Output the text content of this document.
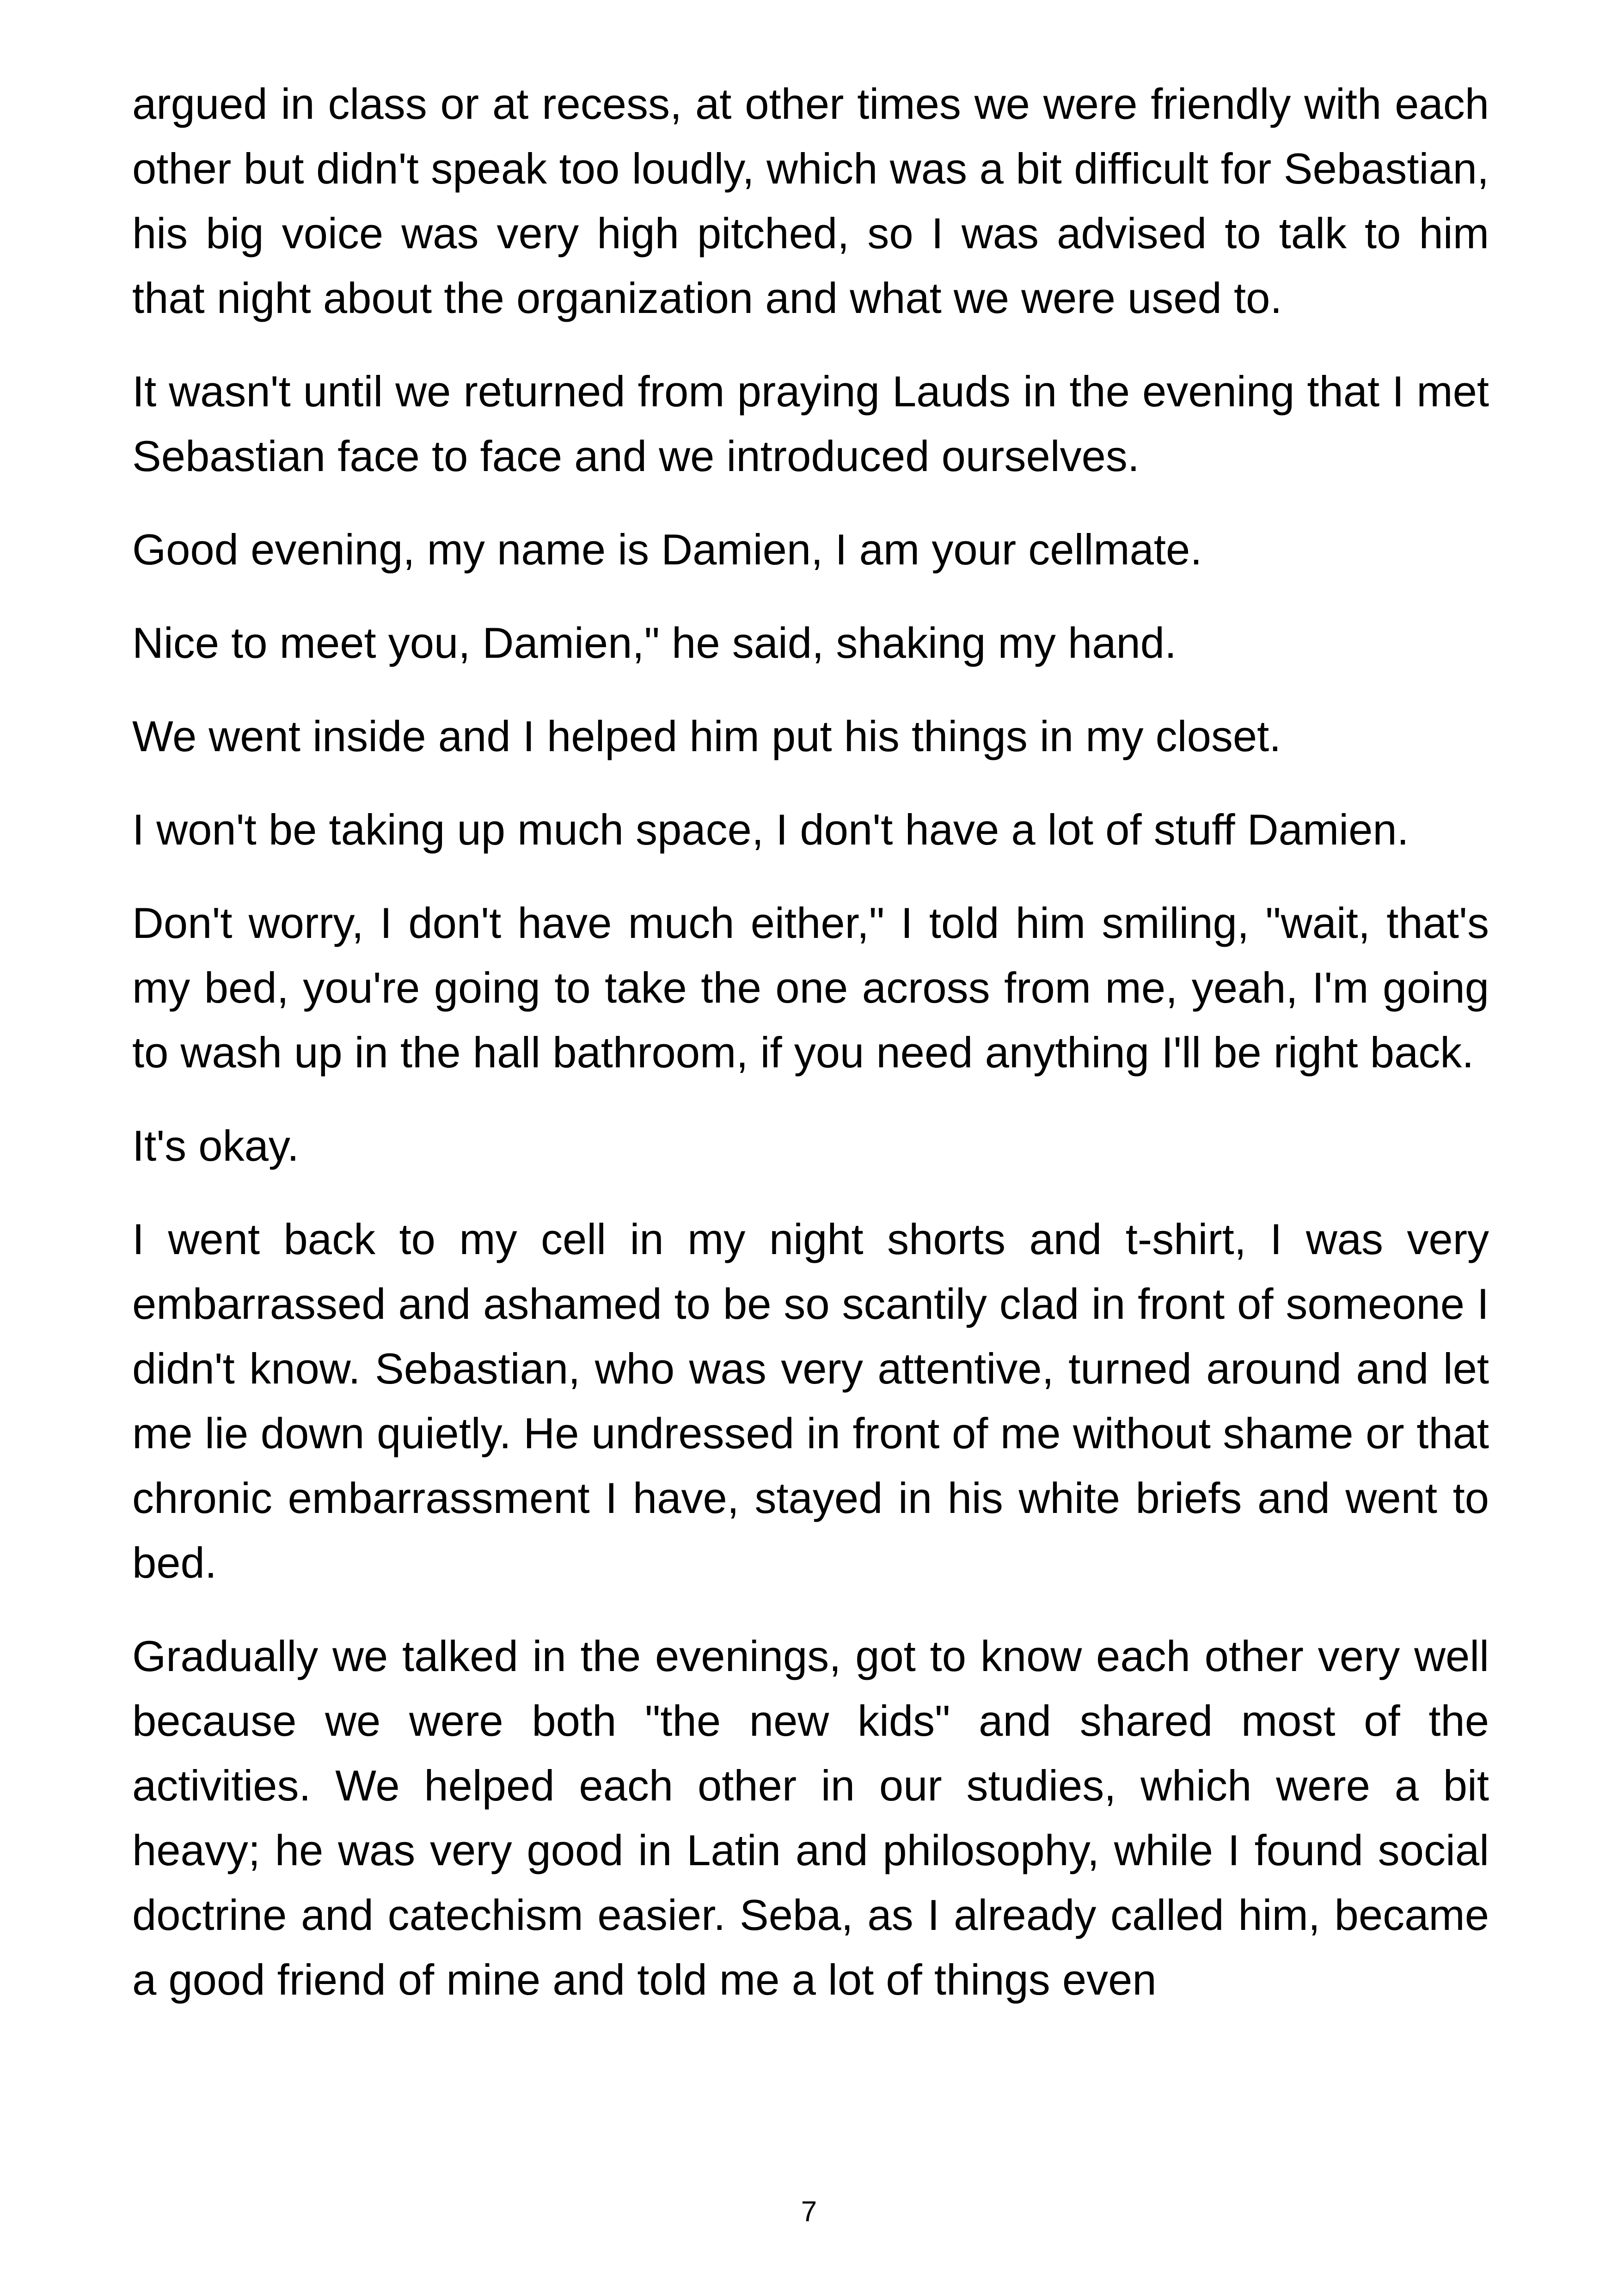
argued in class or at recess, at other times we were friendly with each other but didn't speak too loudly, which was a bit difficult for Sebastian, his big voice was very high pitched, so I was advised to talk to him that night about the organization and what we were used to.

It wasn't until we returned from praying Lauds in the evening that I met Sebastian face to face and we introduced ourselves.

Good evening, my name is Damien, I am your cellmate.

Nice to meet you, Damien," he said, shaking my hand.

We went inside and I helped him put his things in my closet.

I won't be taking up much space, I don't have a lot of stuff Damien.

Don't worry, I don't have much either," I told him smiling, "wait, that's my bed, you're going to take the one across from me, yeah, I'm going to wash up in the hall bathroom, if you need anything I'll be right back.

It's okay.

I went back to my cell in my night shorts and t-shirt, I was very embarrassed and ashamed to be so scantily clad in front of someone I didn't know. Sebastian, who was very attentive, turned around and let me lie down quietly. He undressed in front of me without shame or that chronic embarrassment I have, stayed in his white briefs and went to bed.

Gradually we talked in the evenings, got to know each other very well because we were both "the new kids" and shared most of the activities. We helped each other in our studies, which were a bit heavy; he was very good in Latin and philosophy, while I found social doctrine and catechism easier. Seba, as I already called him, became a good friend of mine and told me a lot of things even

7
